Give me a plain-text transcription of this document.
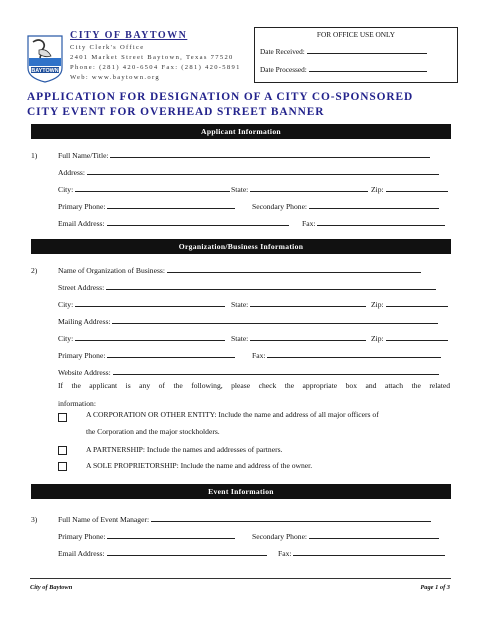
BAYTOWN
CITY OF BAYTOWN
City Clerk's Office
2401 Market Street Baytown, Texas 77520
Phone: (281) 420-6504 Fax: (281) 420-5891
Web: www.baytown.org
FOR OFFICE USE ONLY
Date Received:
Date Processed:
APPLICATION FOR DESIGNATION OF A CITY CO-SPONSORED
CITY EVENT FOR OVERHEAD STREET BANNER
Applicant Information
1)	Full Name/Title:
Address:
City:	State:	Zip:
Primary Phone:	Secondary Phone:
Email Address:	Fax:
Organization/Business Information
2)	Name of Organization of Business:
Street Address:
City:	State:	Zip:
Mailing Address:
City:	State:	Zip:
Primary Phone:	Fax:
Website Address:
If the applicant is any of the following, please check the appropriate box and attach the related
information:
A CORPORATION OR OTHER ENTITY: Include the name and address of all major officers of
the Corporation and the major stockholders.
A PARTNERSHIP: Include the names and addresses of partners.
A SOLE PROPRIETORSHIP: Include the name and address of the owner.
Event Information
3)	Full Name of Event Manager:
Primary Phone:	Secondary Phone:
Email Address:	Fax:
City of Baytown	Page 1 of 3
